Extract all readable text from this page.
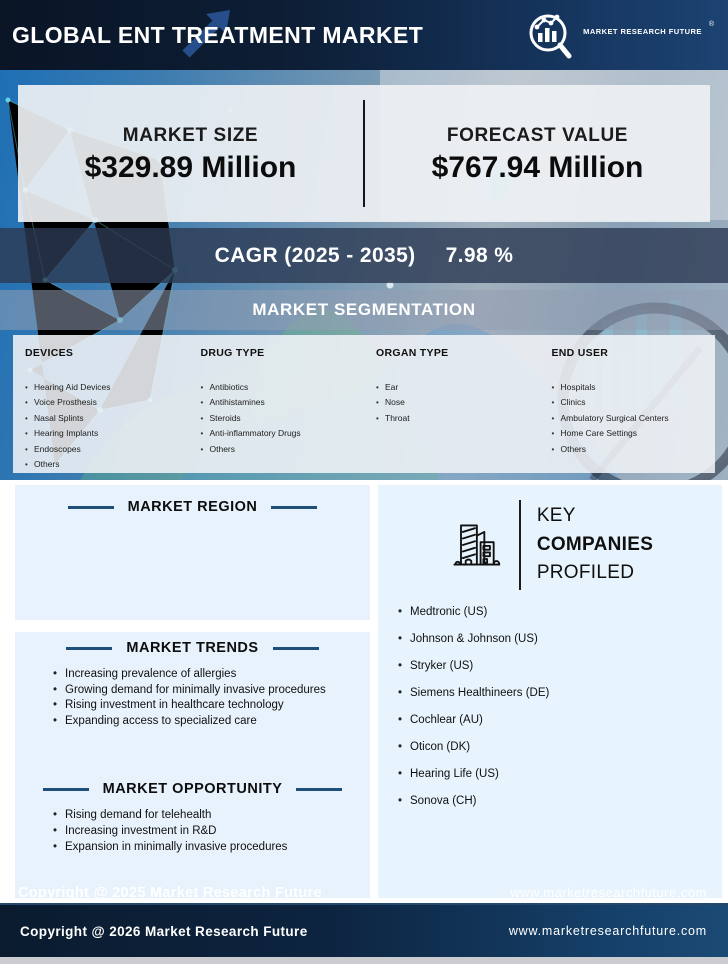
GLOBAL ENT TREATMENT MARKET	MARKET RESEARCH FUTURE
®
MARKET SIZE
$329.89 Million
FORECAST VALUE
$767.94 Million
CAGR (2025 - 2035) 7.98 %
MARKET SEGMENTATION
DEVICES
• Hearing Aid Devices
• Voice Prosthesis
• Nasal Splints
• Hearing Implants
• Endoscopes
• Others
DRUG TYPE
• Antibiotics
• Antihistamines
• Steroids
• Anti-inflammatory Drugs
• Others
ORGAN TYPE
• Ear
• Nose
• Throat
END USER
• Hospitals
• Clinics
• Ambulatory Surgical Centers
• Home Care Settings
• Others
MARKET REGION
MARKET TRENDS
• Increasing prevalence of allergies
• Growing demand for minimally invasive procedures
• Rising investment in healthcare technology
• Expanding access to specialized care
MARKET OPPORTUNITY
• Rising demand for telehealth
• Increasing investment in R&D
• Expansion in minimally invasive procedures
KEY
COMPANIES
PROFILED
• Medtronic (US)
• Johnson & Johnson (US)
• Stryker (US)
• Siemens Healthineers (DE)
• Cochlear (AU)
• Oticon (DK)
• Hearing Life (US)
• Sonova (CH)
Copyright @ 2025 Market Research Future	www.marketresearchfuture.com
Copyright @ 2026 Market Research Future	www.marketresearchfuture.com
